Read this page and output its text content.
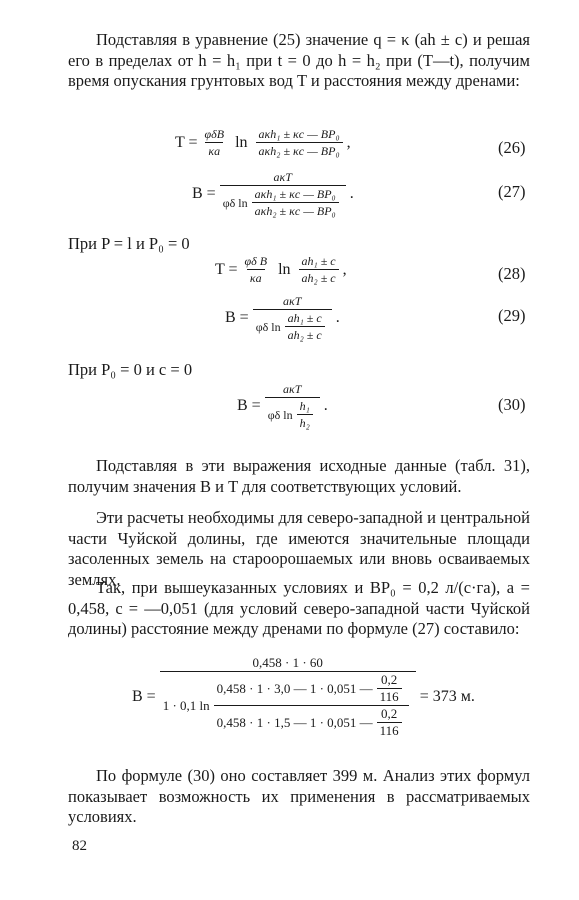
Подставляя в уравнение (25) значение q = κ (ah ± c) и решая его в пределах от h = h₁ при t = 0 до h = h₂ при (T—t), получим время опускания грунтовых вод T и расстояния между дренами:

$T = \frac{\text{φδB}}{\kappa a}$ $\ln \frac{\text{aκh₁ ± κc — BP₀}}{\text{aκh₂ ± κc — BP₀}}$ ,	(26)
B =
aκT
φδ $\ln \frac{\text{aκh₁ ± κc — BP₀}}{\text{aκh₂ ± κc — BP₀}}$ .	(27)
При P = l и P₀ = 0
$T = \frac{\text{φδ B}}{\kappa a}$ $\ln \frac{\text{ah₁ ± c}}{\text{ah₂ ± c}}$ ,	(28)
$B = \frac{\text{aκT}}{\varphi\delta \ln \frac{\text{ah₁ ± c}}{\text{ah₂ ± c}}}$ .	(29)
При P₀ = 0 и c = 0
$B = \frac{\text{aκT}}{\varphi\delta \ln \frac{\text{h₁}}{\text{h₂}}}$ .	(30)

Подставляя в эти выражения исходные данные (табл. 31), получим значения B и T для соответствующих условий.

Эти расчеты необходимы для северо-западной и центральной части Чуйской долины, где имеются значительные площади засоленных земель на староорошаемых или вновь осваиваемых землях.

Так, при вышеуказанных условиях и BP₀ = 0,2 л/(с·га), a = 0,458, c = —0,051 (для условий северо-западной части Чуйской долины) расстояние между дренами по формуле (27) составило:

B =
0,458 · 1 · 60
1 · 0,1 ln
0,458 · 1 · 3,0 — 1 · 0,051 — $\frac{0,2}{116}$
0,458 · 1 · 1,5 — 1 · 0,051 — $\frac{0,2}{116}$
= 373 м.

По формуле (30) оно составляет 399 м. Анализ этих формул показывает возможность их применения в рассматриваемых условиях.

82
